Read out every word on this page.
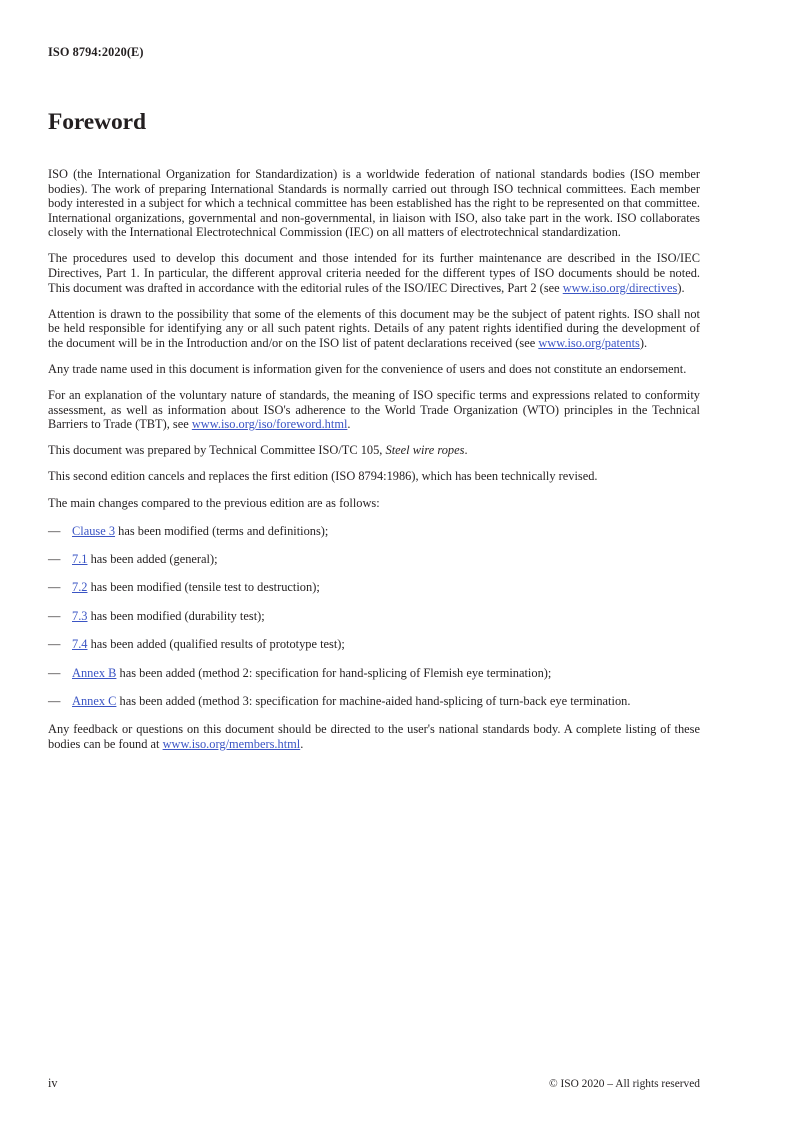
ISO 8794:2020(E)
Foreword

ISO (the International Organization for Standardization) is a worldwide federation of national standards bodies (ISO member bodies). The work of preparing International Standards is normally carried out through ISO technical committees. Each member body interested in a subject for which a technical committee has been established has the right to be represented on that committee. International organizations, governmental and non-governmental, in liaison with ISO, also take part in the work. ISO collaborates closely with the International Electrotechnical Commission (IEC) on all matters of electrotechnical standardization.

The procedures used to develop this document and those intended for its further maintenance are described in the ISO/IEC Directives, Part 1. In particular, the different approval criteria needed for the different types of ISO documents should be noted. This document was drafted in accordance with the editorial rules of the ISO/IEC Directives, Part 2 (see www.iso.org/directives).

Attention is drawn to the possibility that some of the elements of this document may be the subject of patent rights. ISO shall not be held responsible for identifying any or all such patent rights. Details of any patent rights identified during the development of the document will be in the Introduction and/or on the ISO list of patent declarations received (see www.iso.org/patents).

Any trade name used in this document is information given for the convenience of users and does not constitute an endorsement.

For an explanation of the voluntary nature of standards, the meaning of ISO specific terms and expressions related to conformity assessment, as well as information about ISO's adherence to the World Trade Organization (WTO) principles in the Technical Barriers to Trade (TBT), see www.iso.org/iso/foreword.html.

This document was prepared by Technical Committee ISO/TC 105, Steel wire ropes.

This second edition cancels and replaces the first edition (ISO 8794:1986), which has been technically revised.

The main changes compared to the previous edition are as follows:

— Clause 3 has been modified (terms and definitions);
— 7.1 has been added (general);
— 7.2 has been modified (tensile test to destruction);
— 7.3 has been modified (durability test);
— 7.4 has been added (qualified results of prototype test);
— Annex B has been added (method 2: specification for hand-splicing of Flemish eye termination);
— Annex C has been added (method 3: specification for machine-aided hand-splicing of turn-back eye termination.

Any feedback or questions on this document should be directed to the user's national standards body. A complete listing of these bodies can be found at www.iso.org/members.html.

iv	© ISO 2020 – All rights reserved
